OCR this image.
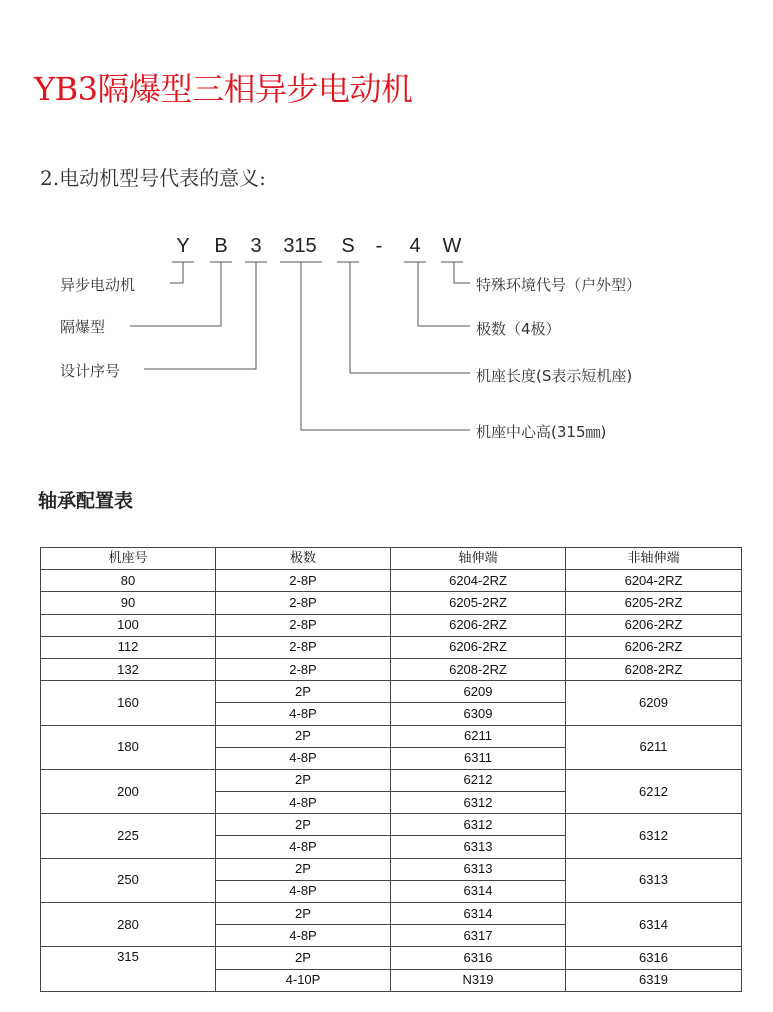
YB3隔爆型三相异步电动机
2.电动机型号代表的意义:
Y	B	3	315	S	-	4	W
异步电动机
隔爆型
设计序号
特殊环境代号（户外型）
极数（4极）
机座长度(S表示短机座)
机座中心高(315㎜)
轴承配置表
机座号	极数	轴伸端	非轴伸端
80	2-8P	6204-2RZ	6204-2RZ
90	2-8P	6205-2RZ	6205-2RZ
100	2-8P	6206-2RZ	6206-2RZ
112	2-8P	6206-2RZ	6206-2RZ
132	2-8P	6208-2RZ	6208-2RZ
160	2P	6209	6209
	4-8P	6309	
180	2P	6211	6211
	4-8P	6311	
200	2P	6212	6212
	4-8P	6312	
225	2P	6312	6312
	4-8P	6313	
250	2P	6313	6313
	4-8P	6314	
280	2P	6314	6314
	4-8P	6317	
315	2P	6316	6316
	4-10P	N319	6319
